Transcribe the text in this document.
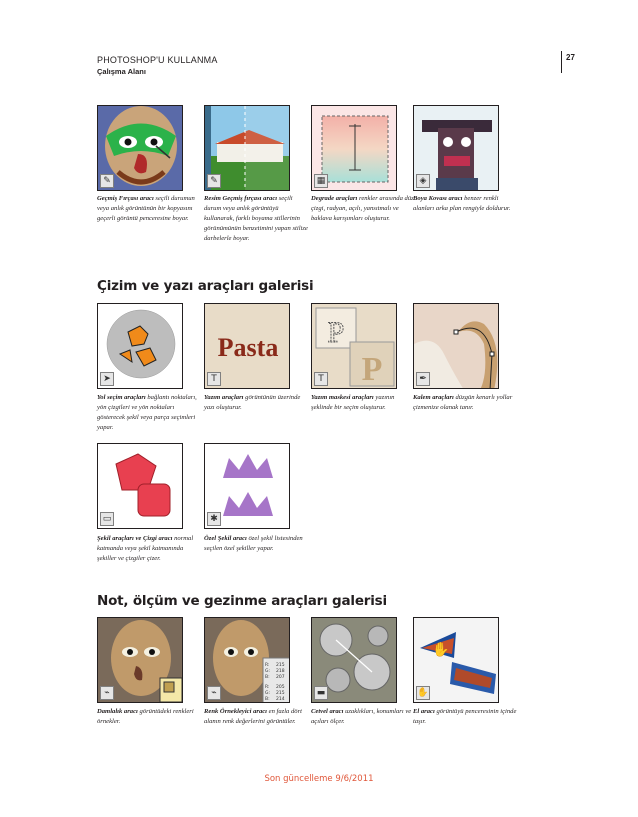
PHOTOSHOP'U KULLANMA
Çalışma Alanı
27
✎	✎	▦	◈
Geçmiş Fırçası aracı seçili durumun veya anlık görüntünün bir kopyasını geçerli görüntü penceresine boyar.
Resim Geçmiş fırçası aracı seçili durum veya anlık görüntüyü kullanarak, farklı boyama stillerinin görünümünün benzetimini yapan stilize darbelerle boyar.
Degrade araçları renkler arasında düz çizgi, radyan, açılı, yansıtmalı ve baklava karışımları oluşturur.
Boya Kovası aracı benzer renkli alanları arka plan rengiyle doldurur.
Çizim ve yazı araçları galerisi
➤
Pasta
T
P
P
T	✒
Yol seçim araçları bağlantı noktaları, yön çizgileri ve yön noktaları gösterecek şekil veya parça seçimleri yapar.
Yazım araçları görüntünün üzerinde yazı oluşturur.
Yazım maskesi araçları yazının şeklinde bir seçim oluşturur.
Kalem araçları düzgün kenarlı yollar çizmenize olanak tanır.
▭	✱
Şekil araçları ve Çizgi aracı normal katmanda veya şekil katmanında şekiller ve çizgiler çizer.
Özel Şekil aracı özel şekil listesinden seçilen özel şekiller yapar.
Not, ölçüm ve gezinme araçları galerisi
⌁
R: 215
G: 218
B: 207
R: 205
G: 215
B: 214
⌁	▬
✋
✋
Damlalık aracı görüntüdeki renkleri örnekler.
Renk Örnekleyici aracı en fazla dört alanın renk değerlerini görüntüler.
Cetvel aracı uzaklıkları, konumları ve açıları ölçer.
El aracı görüntüyü penceresinin içinde taşır.
Son güncelleme 9/6/2011
